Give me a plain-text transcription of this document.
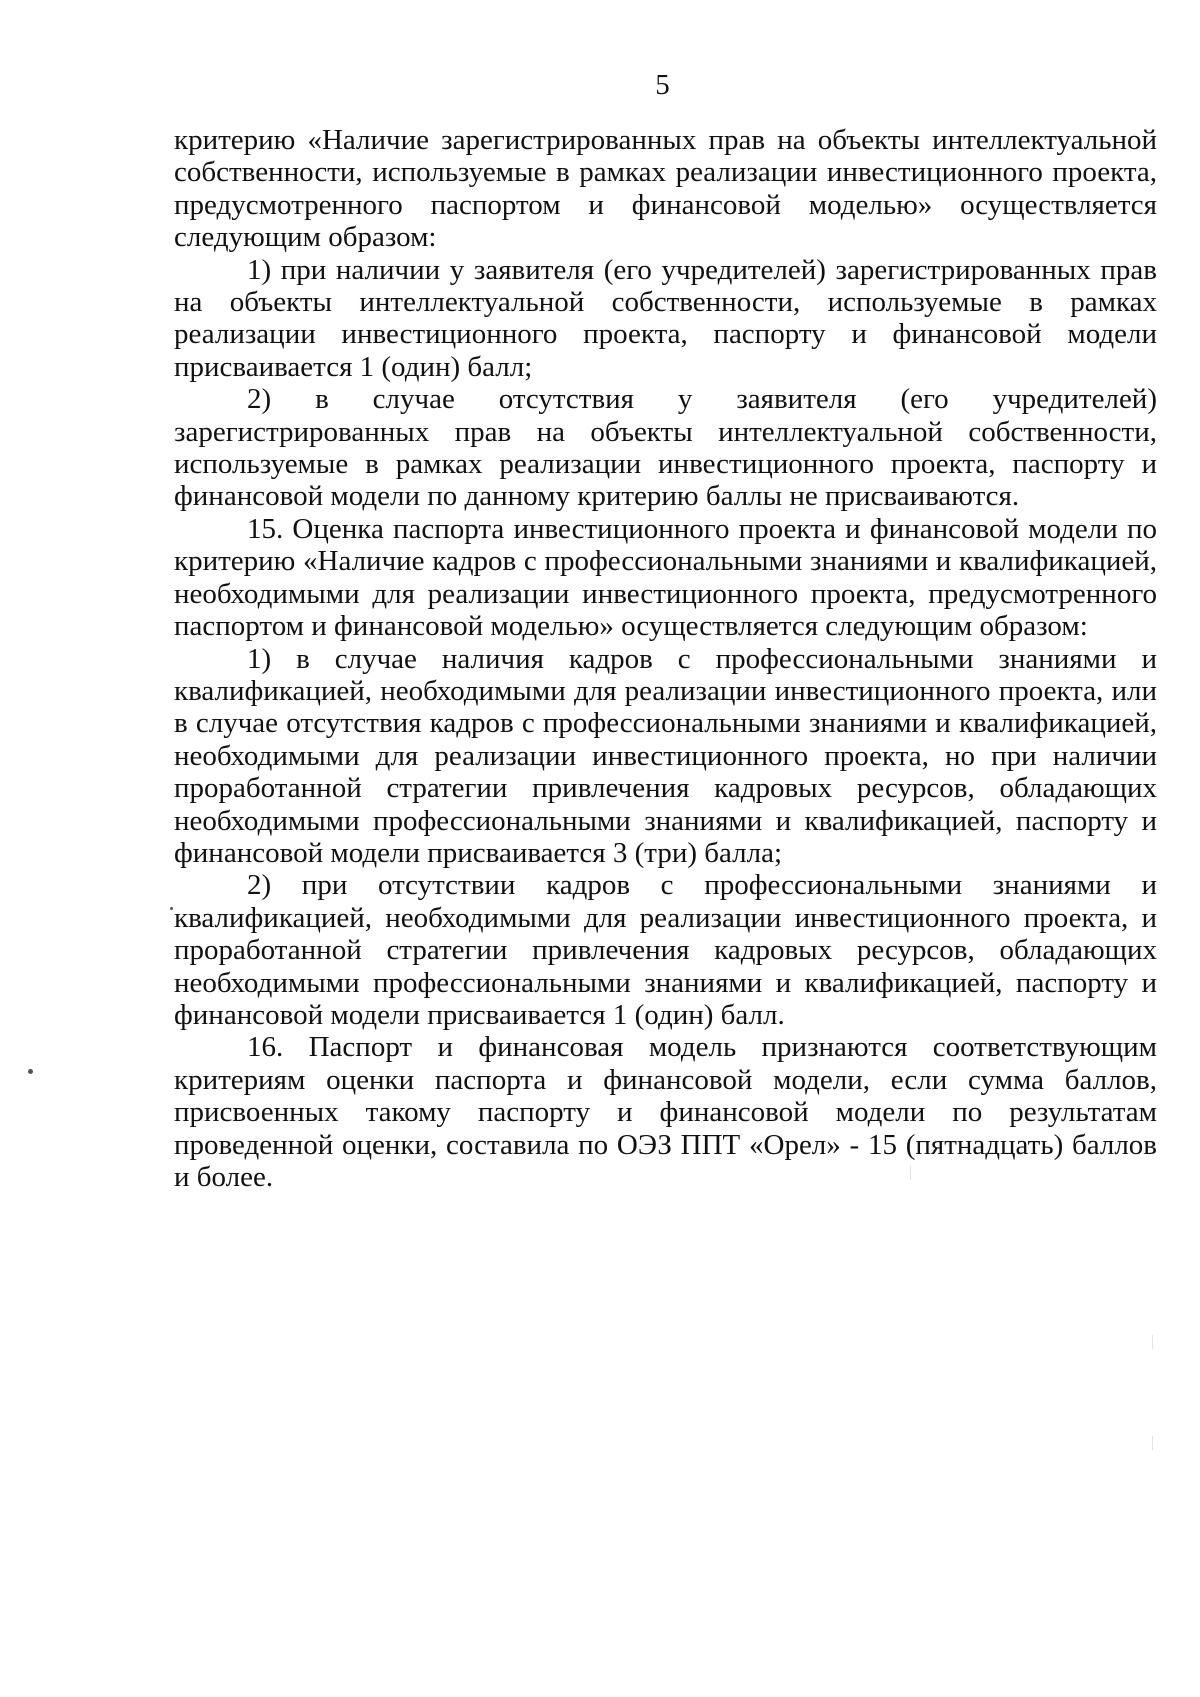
5

критерию «Наличие зарегистрированных прав на объекты интеллектуальной собственности, используемые в рамках реализации инвестиционного проекта, предусмотренного паспортом и финансовой моделью» осуществляется следующим образом:

1) при наличии у заявителя (его учредителей) зарегистрированных прав на объекты интеллектуальной собственности, используемые в рамках реализации инвестиционного проекта, паспорту и финансовой модели присваивается 1 (один) балл;

2) в случае отсутствия у заявителя (его учредителей) зарегистрированных прав на объекты интеллектуальной собственности, используемые в рамках реализации инвестиционного проекта, паспорту и финансовой модели по данному критерию баллы не присваиваются.

15. Оценка паспорта инвестиционного проекта и финансовой модели по критерию «Наличие кадров с профессиональными знаниями и квалификацией, необходимыми для реализации инвестиционного проекта, предусмотренного паспортом и финансовой моделью» осуществляется следующим образом:

1) в случае наличия кадров с профессиональными знаниями и квалификацией, необходимыми для реализации инвестиционного проекта, или в случае отсутствия кадров с профессиональными знаниями и квалификацией, необходимыми для реализации инвестиционного проекта, но при наличии проработанной стратегии привлечения кадровых ресурсов, обладающих необходимыми профессиональными знаниями и квалификацией, паспорту и финансовой модели присваивается 3 (три) балла;

2) при отсутствии кадров с профессиональными знаниями и квалификацией, необходимыми для реализации инвестиционного проекта, и проработанной стратегии привлечения кадровых ресурсов, обладающих необходимыми профессиональными знаниями и квалификацией, паспорту и финансовой модели присваивается 1 (один) балл.

16. Паспорт и финансовая модель признаются соответствующим критериям оценки паспорта и финансовой модели, если сумма баллов, присвоенных такому паспорту и финансовой модели по результатам проведенной оценки, составила по ОЭЗ ППТ «Орел» - 15 (пятнадцать) баллов и более.
